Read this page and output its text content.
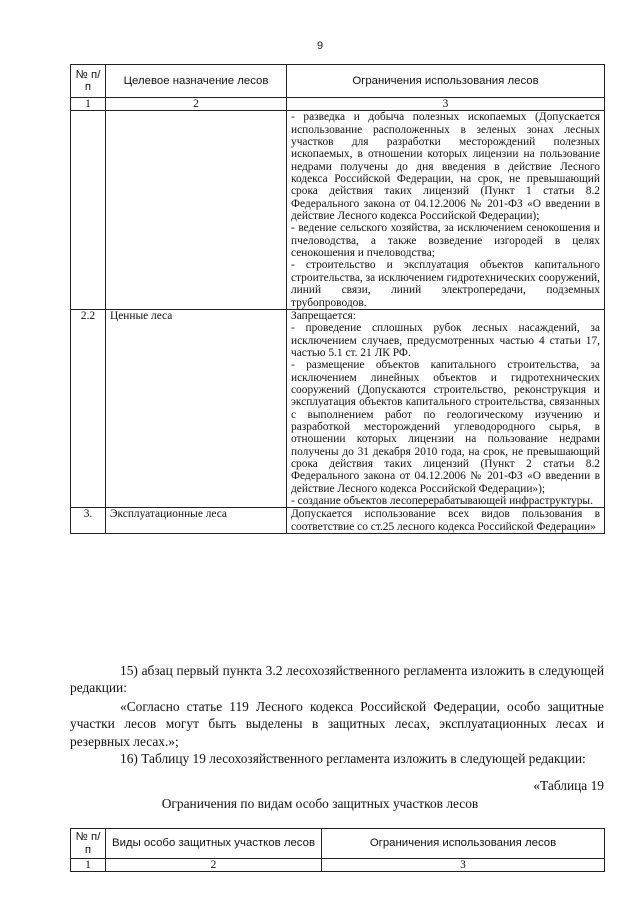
9
№ п/п	Целевое назначение лесов	Ограничения использования лесов
1	2	3

		- разведка и добыча полезных ископаемых (Допускается использование расположенных в зеленых зонах лесных участков для разработки месторождений полезных ископаемых, в отношении которых лицензии на пользование недрами получены до дня введения в действие Лесного кодекса Российской Федерации, на срок, не превышающий срока действия таких лицензий (Пункт 1 статьи 8.2 Федерального закона от 04.12.2006 № 201-ФЗ «О введении в действие Лесного кодекса Российской Федерации);

- ведение сельского хозяйства, за исключением сенокошения и пчеловодства, а также возведение изгородей в целях сенокошения и пчеловодства;

- строительство и эксплуатация объектов капитального строительства, за исключением гидротехнических сооружений, линий связи, линий электропередачи, подземных трубопроводов.

2.2	Ценные леса	Запрещается:

- проведение сплошных рубок лесных насаждений, за исключением случаев, предусмотренных частью 4 статьи 17, частью 5.1 ст. 21 ЛК РФ.

- размещение объектов капитального строительства, за исключением линейных объектов и гидротехнических сооружений (Допускаются строительство, реконструкция и эксплуатация объектов капитального строительства, связанных с выполнением работ по геологическому изучению и разработкой месторождений углеводородного сырья, в отношении которых лицензии на пользование недрами получены до 31 декабря 2010 года, на срок, не превышающий срока действия таких лицензий (Пункт 2 статьи 8.2 Федерального закона от 04.12.2006 № 201-ФЗ «О введении в действие Лесного кодекса Российской Федерации»);

- создание объектов лесоперерабатывающей инфраструктуры.

3.	Эксплуатационные леса	Допускается использование всех видов пользования в соответствие со ст.25 лесного кодекса Российской Федерации»

15) абзац первый пункта 3.2 лесохозяйственного регламента изложить в следующей редакции:

«Согласно статье 119 Лесного кодекса Российской Федерации, особо защитные участки лесов могут быть выделены в защитных лесах, эксплуатационных лесах и резервных лесах.»;

16) Таблицу 19 лесохозяйственного регламента изложить в следующей редакции:

«Таблица 19
Ограничения по видам особо защитных участков лесов
№ п/п	Виды особо защитных участков лесов	Ограничения использования лесов
1	2	3
